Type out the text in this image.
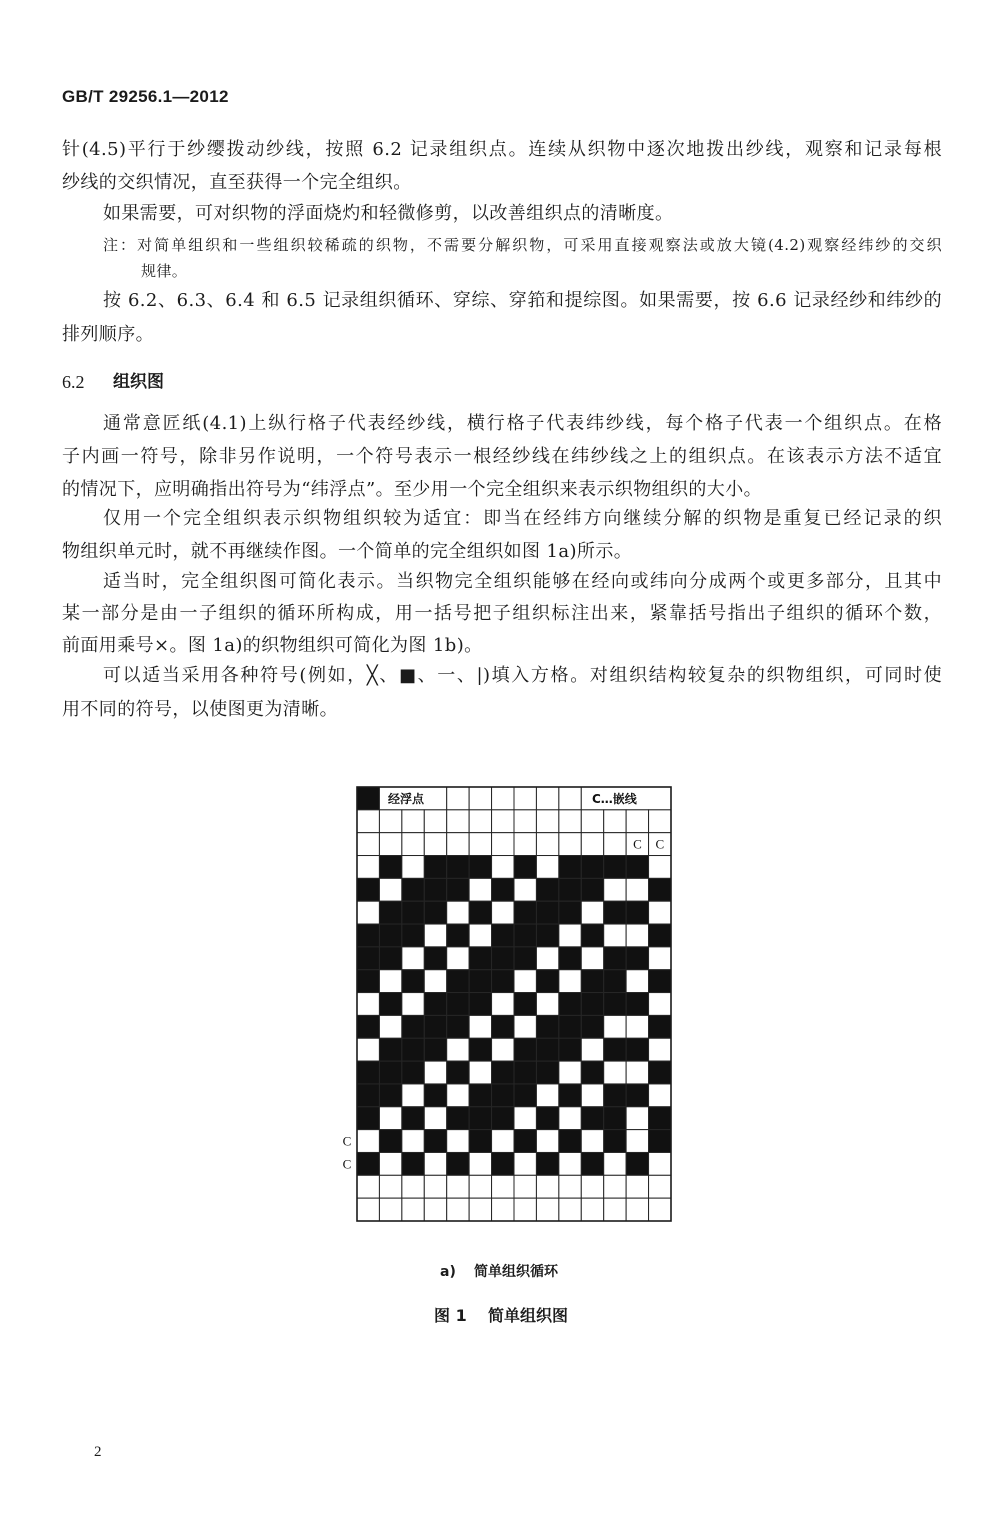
GB/T 29256.1—2012
针(4.5)平行于纱缨拨动纱线，按照 6.2 记录组织点。连续从织物中逐次地拨出纱线，观察和记录每根
纱线的交织情况，直至获得一个完全组织。
如果需要，可对织物的浮面烧灼和轻微修剪，以改善组织点的清晰度。
注：对简单组织和一些组织较稀疏的织物，不需要分解织物，可采用直接观察法或放大镜(4.2)观察经纬纱的交织
规律。
按 6.2、6.3、6.4 和 6.5 记录组织循环、穿综、穿筘和提综图。如果需要，按 6.6 记录经纱和纬纱的
排列顺序。
6.2 组织图
通常意匠纸(4.1)上纵行格子代表经纱线，横行格子代表纬纱线，每个格子代表一个组织点。在格
子内画一符号，除非另作说明，一个符号表示一根经纱线在纬纱线之上的组织点。在该表示方法不适宜
的情况下，应明确指出符号为“纬浮点”。至少用一个完全组织来表示织物组织的大小。
仅用一个完全组织表示织物组织较为适宜：即当在经纬方向继续分解的织物是重复已经记录的织
物组织单元时，就不再继续作图。一个简单的完全组织如图 1a)所示。
适当时，完全组织图可简化表示。当织物完全组织能够在经向或纬向分成两个或更多部分，且其中
某一部分是由一子组织的循环所构成，用一括号把子组织标注出来，紧靠括号指出子组织的循环个数，
前面用乘号×。图 1a)的织物组织可简化为图 1b)。
可以适当采用各种符号(例如，╳、■、一、|)填入方格。对组织结构较复杂的织物组织，可同时使
用不同的符号，以使图更为清晰。
经浮点	C…嵌线
C C
C
C
a) 简单组织循环
图 1 简单组织图
2
